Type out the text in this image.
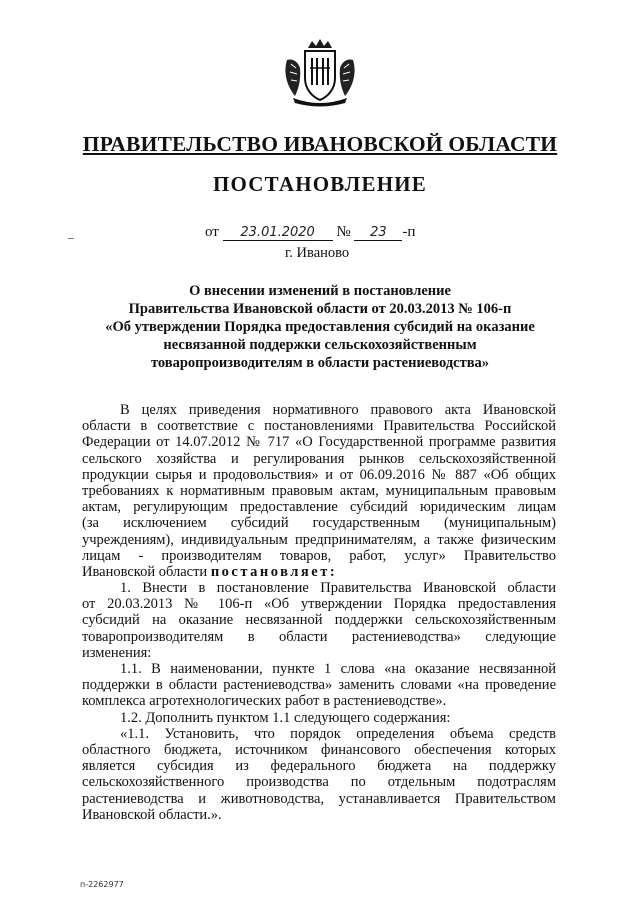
ПРАВИТЕЛЬСТВО ИВАНОВСКОЙ ОБЛАСТИ
ПОСТАНОВЛЕНИЕ
от 23.01.2020 № 23 -п
г. Иваново
О внесении изменений в постановление
Правительства Ивановской области от 20.03.2013 № 106-п
«Об утверждении Порядка предоставления субсидий на оказание
несвязанной поддержки сельскохозяйственным
товаропроизводителям в области растениеводства»
В целях приведения нормативного правового акта Ивановской
области в соответствие с постановлениями Правительства Российской
Федерации от 14.07.2012 № 717 «О Государственной программе развития
сельского хозяйства и регулирования рынков сельскохозяйственной
продукции сырья и продовольствия» и от 06.09.2016 № 887 «Об общих
требованиях к нормативным правовым актам, муниципальным правовым
актам, регулирующим предоставление субсидий юридическим лицам
(за исключением субсидий государственным (муниципальным)
учреждениям), индивидуальным предпринимателям, а также физическим
лицам - производителям товаров, работ, услуг» Правительство
Ивановской области постановляет:
1. Внести в постановление Правительства Ивановской области
от 20.03.2013 № 106-п «Об утверждении Порядка предоставления
субсидий на оказание несвязанной поддержки сельскохозяйственным
товаропроизводителям в области растениеводства» следующие
изменения:
1.1. В наименовании, пункте 1 слова «на оказание несвязанной
поддержки в области растениеводства» заменить словами «на проведение
комплекса агротехнологических работ в растениеводстве».
1.2. Дополнить пунктом 1.1 следующего содержания:
«1.1. Установить, что порядок определения объема средств
областного бюджета, источником финансового обеспечения которых
является субсидия из федерального бюджета на поддержку
сельскохозяйственного производства по отдельным подотраслям
растениеводства и животноводства, устанавливается Правительством
Ивановской области.».
п-2262977
